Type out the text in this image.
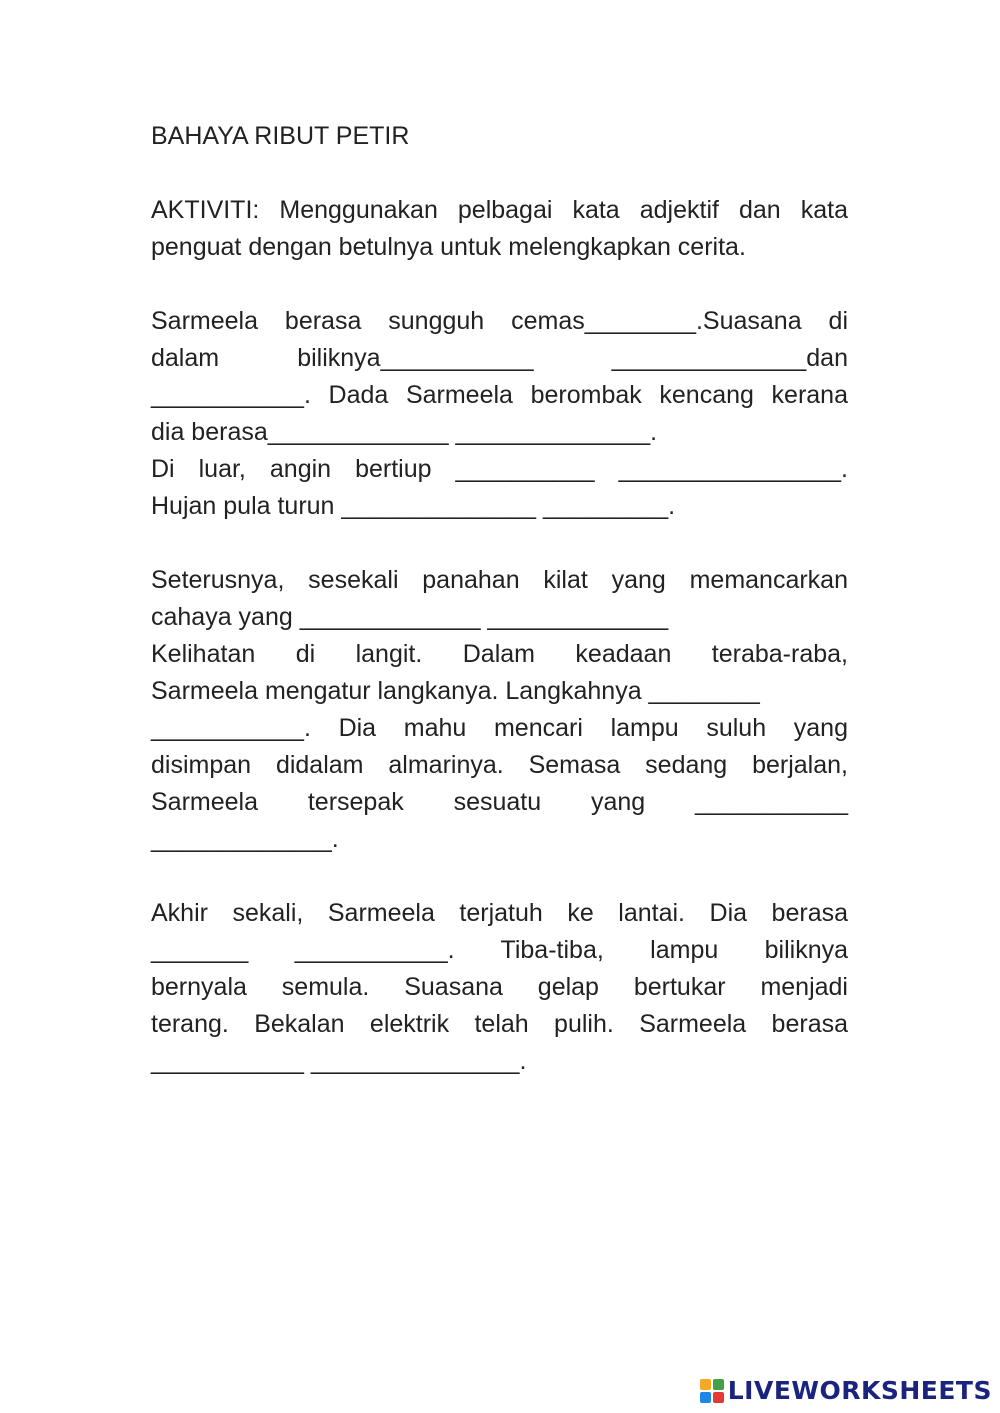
BAHAYA RIBUT PETIR
AKTIVITI: Menggunakan pelbagai kata adjektif dan kata
penguat dengan betulnya untuk melengkapkan cerita.
Sarmeela berasa sungguh cemas________.Suasana di
dalam biliknya___________ ______________dan
___________. Dada Sarmeela berombak kencang kerana
dia berasa_____________ ______________.
Di luar, angin bertiup __________ ________________.
Hujan pula turun ______________ _________.
Seterusnya, sesekali panahan kilat yang memancarkan
cahaya yang _____________ _____________
Kelihatan di langit. Dalam keadaan teraba-raba,
Sarmeela mengatur langkanya. Langkahnya ________
___________. Dia mahu mencari lampu suluh yang
disimpan didalam almarinya. Semasa sedang berjalan,
Sarmeela tersepak sesuatu yang ___________
_____________.
Akhir sekali, Sarmeela terjatuh ke lantai. Dia berasa
_______ ___________. Tiba-tiba, lampu biliknya
bernyala semula. Suasana gelap bertukar menjadi
terang. Bekalan elektrik telah pulih. Sarmeela berasa
___________ _______________.
LIVEWORKSHEETS
